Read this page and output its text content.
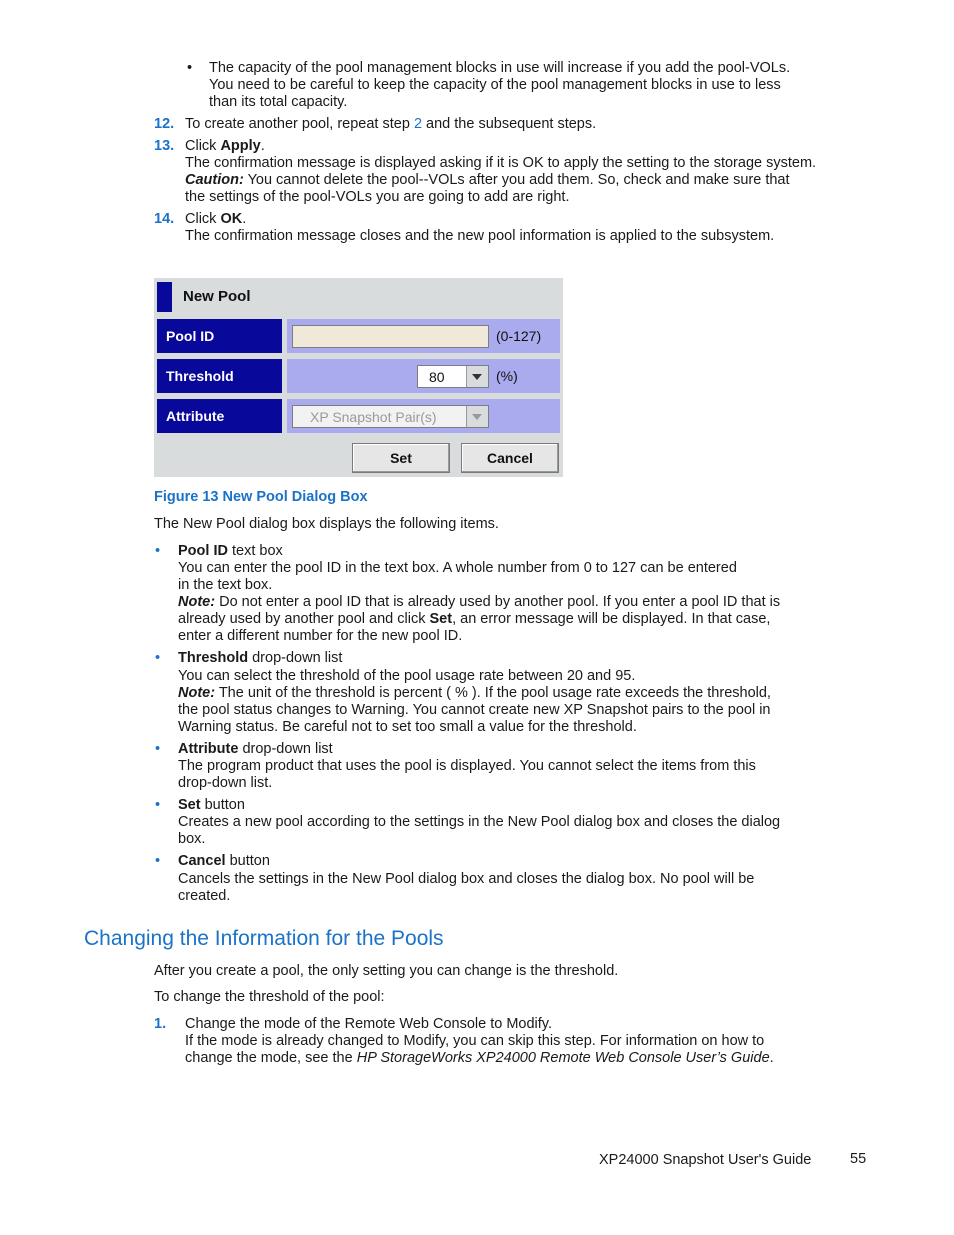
• The capacity of the pool management blocks in use will increase if you add the pool-VOLs.
You need to be careful to keep the capacity of the pool management blocks in use to less
than its total capacity.
12. To create another pool, repeat step 2 and the subsequent steps.
13. Click Apply.
The confirmation message is displayed asking if it is OK to apply the setting to the storage system.
Caution: You cannot delete the pool--VOLs after you add them. So, check and make sure that
the settings of the pool-VOLs you are going to add are right.
14. Click OK.
The confirmation message closes and the new pool information is applied to the subsystem.
New Pool
Pool ID	(0-127)
Threshold	80	(%)
Attribute	XP Snapshot Pair(s)
Set	Cancel
Figure 13 New Pool Dialog Box
The New Pool dialog box displays the following items.
• Pool ID text box
You can enter the pool ID in the text box. A whole number from 0 to 127 can be entered
in the text box.
Note: Do not enter a pool ID that is already used by another pool. If you enter a pool ID that is
already used by another pool and click Set, an error message will be displayed. In that case,
enter a different number for the new pool ID.
• Threshold drop-down list
You can select the threshold of the pool usage rate between 20 and 95.
Note: The unit of the threshold is percent ( % ). If the pool usage rate exceeds the threshold,
the pool status changes to Warning. You cannot create new XP Snapshot pairs to the pool in
Warning status. Be careful not to set too small a value for the threshold.
• Attribute drop-down list
The program product that uses the pool is displayed. You cannot select the items from this
drop-down list.
• Set button
Creates a new pool according to the settings in the New Pool dialog box and closes the dialog
box.
• Cancel button
Cancels the settings in the New Pool dialog box and closes the dialog box. No pool will be
created.
Changing the Information for the Pools
After you create a pool, the only setting you can change is the threshold.
To change the threshold of the pool:
1. Change the mode of the Remote Web Console to Modify.
If the mode is already changed to Modify, you can skip this step. For information on how to
change the mode, see the HP StorageWorks XP24000 Remote Web Console User’s Guide.
XP24000 Snapshot User's Guide	55
